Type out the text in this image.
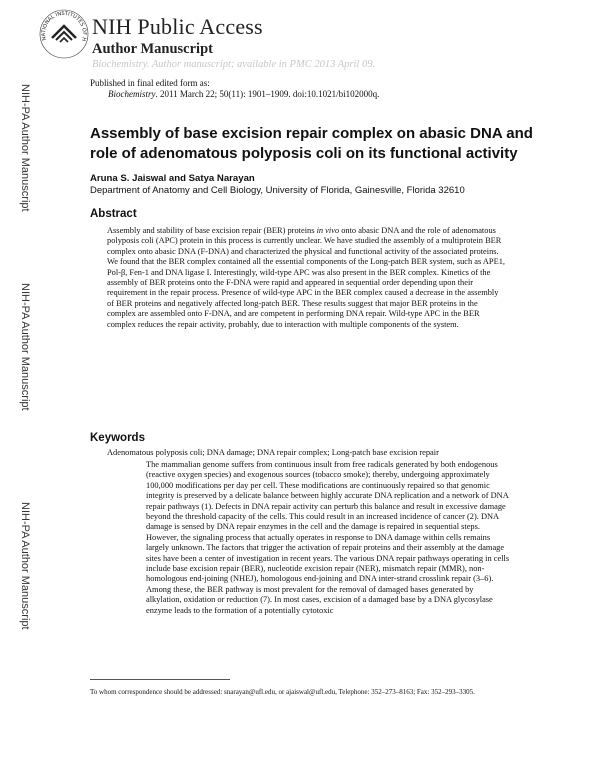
NATIONAL INSTITUTES OF H
NIH Public Access
Author Manuscript
Biochemistry. Author manuscript; available in PMC 2013 April 09.
Published in final edited form as:
Biochemistry. 2011 March 22; 50(11): 1901–1909. doi:10.1021/bi102000q.
NIH-PA Author Manuscript
NIH-PA Author Manuscript
NIH-PA Author Manuscript
Assembly of base excision repair complex on abasic DNA and role of adenomatous polyposis coli on its functional activity
Aruna S. Jaiswal and Satya Narayan
Department of Anatomy and Cell Biology, University of Florida, Gainesville, Florida 32610
Abstract

Assembly and stability of base excision repair (BER) proteins in vivo onto abasic DNA and the role of adenomatous polyposis coli (APC) protein in this process is currently unclear. We have studied the assembly of a multiprotein BER complex onto abasic DNA (F-DNA) and characterized the physical and functional activity of the associated proteins. We found that the BER complex contained all the essential components of the Long-patch BER system, such as APE1, Pol-β, Fen-1 and DNA ligase I. Interestingly, wild-type APC was also present in the BER complex. Kinetics of the assembly of BER proteins onto the F-DNA were rapid and appeared in sequential order depending upon their requirement in the repair process. Presence of wild-type APC in the BER complex caused a decrease in the assembly of BER proteins and negatively affected long-patch BER. These results suggest that major BER proteins in the complex are assembled onto F-DNA, and are competent in performing DNA repair. Wild-type APC in the BER complex reduces the repair activity, probably, due to interaction with multiple components of the system.

Keywords

Adenomatous polyposis coli; DNA damage; DNA repair complex; Long-patch base excision repair

The mammalian genome suffers from continuous insult from free radicals generated by both endogenous (reactive oxygen species) and exogenous sources (tobacco smoke); thereby, undergoing approximately 100,000 modifications per day per cell. These modifications are continuously repaired so that genomic integrity is preserved by a delicate balance between highly accurate DNA replication and a network of DNA repair pathways (1). Defects in DNA repair activity can perturb this balance and result in excessive damage beyond the threshold capacity of the cells. This could result in an increased incidence of cancer (2). DNA damage is sensed by DNA repair enzymes in the cell and the damage is repaired in sequential steps. However, the signaling process that actually operates in response to DNA damage within cells remains largely unknown. The factors that trigger the activation of repair proteins and their assembly at the damage sites have been a center of investigation in recent years. The various DNA repair pathways operating in cells include base excision repair (BER), nucleotide excision repair (NER), mismatch repair (MMR), non-homologous end-joining (NHEJ), homologous end-joining and DNA inter-strand crosslink repair (3–6). Among these, the BER pathway is most prevalent for the removal of damaged bases generated by alkylation, oxidation or reduction (7). In most cases, excision of a damaged base by a DNA glycosylase enzyme leads to the formation of a potentially cytotoxic

To whom correspondence should be addressed: snarayan@ufl.edu, or ajaiswal@ufl.edu, Telephone: 352–273–8163; Fax: 352–293–3305.
